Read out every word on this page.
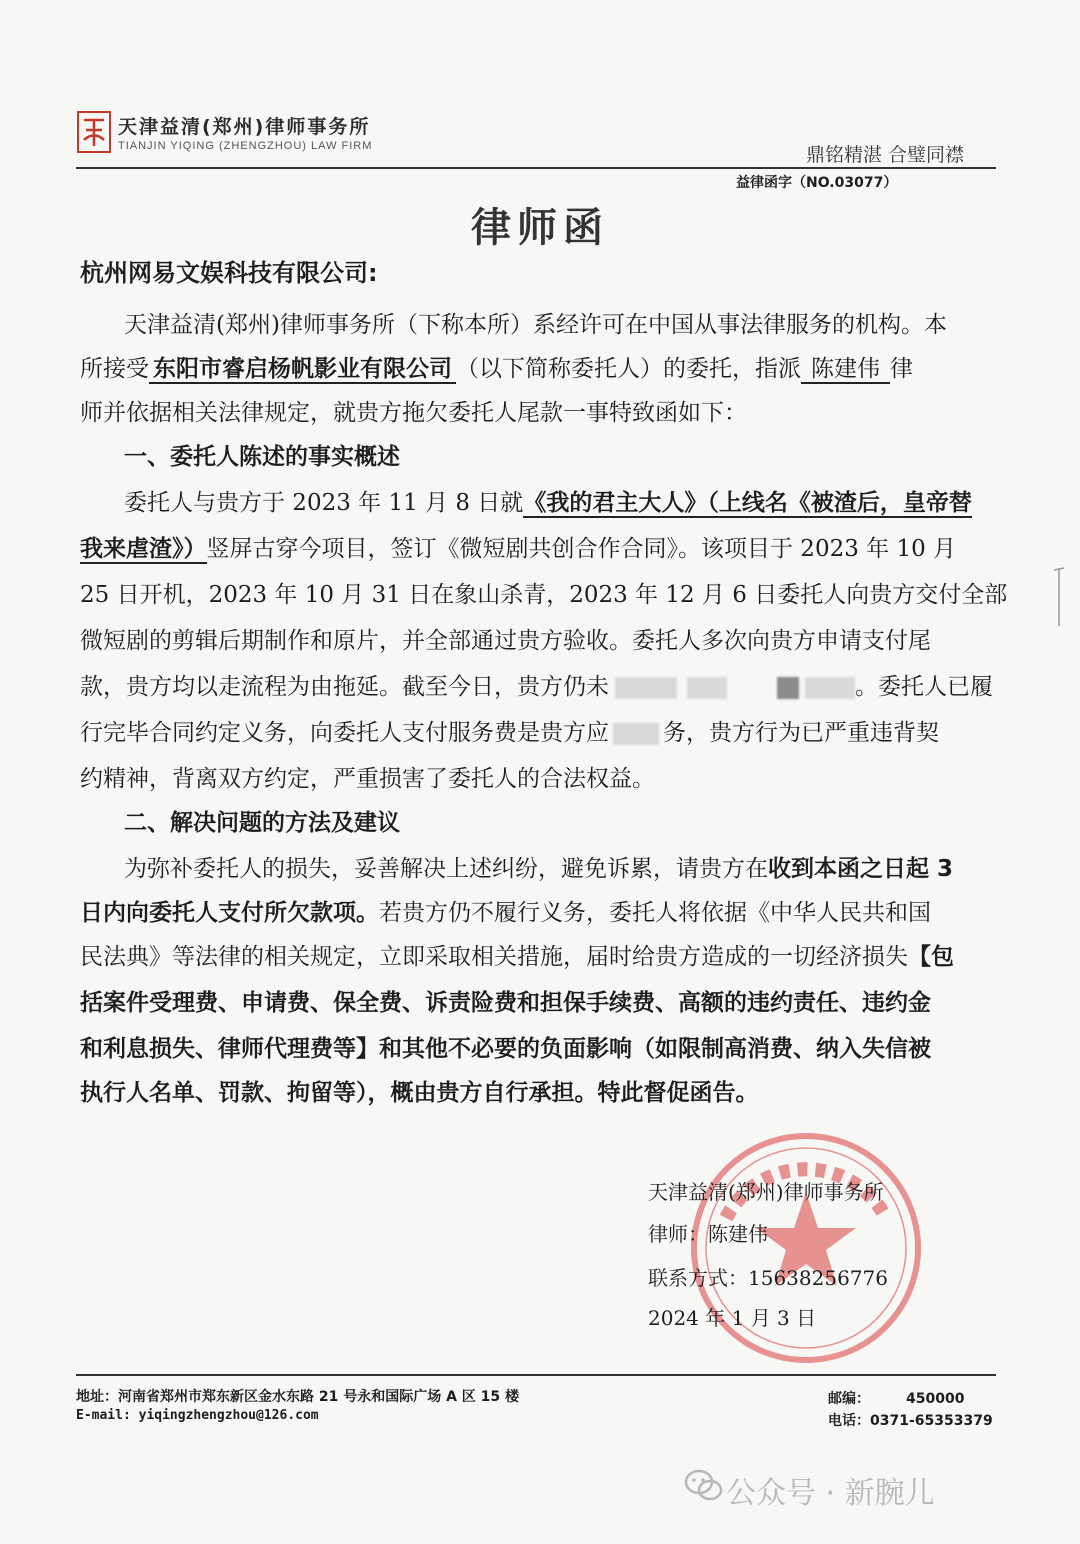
天津益清(郑州)律师事务所
TIANJIN YIQING (ZHENGZHOU) LAW FIRM	鼎铭精湛 合璧同襟
益律函字（NO.03077）
律师函
杭州网易文娱科技有限公司:
天津益清(郑州)律师事务所（下称本所）系经许可在中国从事法律服务的机构。本
所接受 东阳市睿启杨帆影业有限公司 （以下简称委托人）的委托，指派 陈建伟 律
师并依据相关法律规定，就贵方拖欠委托人尾款一事特致函如下：
一、委托人陈述的事实概述
委托人与贵方于 2023 年 11 月 8 日就《我的君主大人》（上线名《被渣后，皇帝替
我来虐渣》）竖屏古穿今项目，签订《微短剧共创合作合同》。该项目于 2023 年 10 月
25 日开机，2023 年 10 月 31 日在象山杀青，2023 年 12 月 6 日委托人向贵方交付全部
微短剧的剪辑后期制作和原片，并全部通过贵方验收。委托人多次向贵方申请支付尾
款，贵方均以走流程为由拖延。截至今日，贵方仍未	。委托人已履
行完毕合同约定义务，向委托人支付服务费是贵方应 务，贵方行为已严重违背契
约精神，背离双方约定，严重损害了委托人的合法权益。
二、解决问题的方法及建议
为弥补委托人的损失，妥善解决上述纠纷，避免诉累，请贵方在收到本函之日起 3
日内向委托人支付所欠款项。若贵方仍不履行义务，委托人将依据《中华人民共和国
民法典》等法律的相关规定，立即采取相关措施，届时给贵方造成的一切经济损失【包
括案件受理费、申请费、保全费、诉责险费和担保手续费、高额的违约责任、违约金
和利息损失、律师代理费等】和其他不必要的负面影响（如限制高消费、纳入失信被
执行人名单、罚款、拘留等），概由贵方自行承担。特此督促函告。
天津益清(郑州)律师事务所
律师：陈建伟
联系方式：15638256776
2024 年 1 月 3 日
地址：河南省郑州市郑东新区金水东路 21 号永和国际广场 A 区 15 楼
E-mail: yiqingzhengzhou@126.com
邮编：	450000
电话：0371-65353379
公众号 · 新腕儿
